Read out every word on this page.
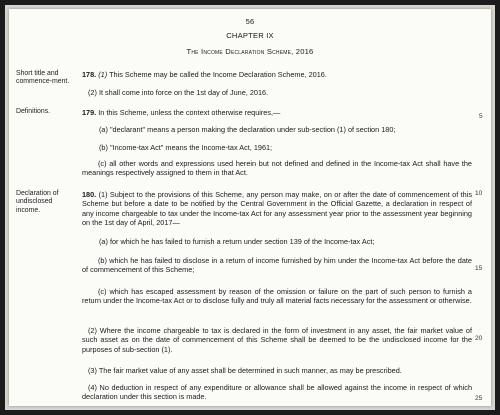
56
CHAPTER IX
The Income Declaration Scheme, 2016
Short title and commence-ment.
Definitions.
Declaration of undisclosed income.
5
10
15
20
25
178. (1) This Scheme may be called the Income Declaration Scheme, 2016.
(2) It shall come into force on the 1st day of June, 2016.
179. In this Scheme, unless the context otherwise requires,—
(a) "declarant" means a person making the declaration under sub-section (1) of section 180;
(b) "Income-tax Act" means the Income-tax Act, 1961;

(c) all other words and expressions used herein but not defined and defined in the Income-tax Act shall have the meanings respectively assigned to them in that Act.

180. (1) Subject to the provisions of this Scheme, any person may make, on or after the date of commencement of this Scheme but before a date to be notified by the Central Government in the Official Gazette, a declaration in respect of any income chargeable to tax under the Income-tax Act for any assessment year prior to the assessment year beginning on the 1st day of April, 2017—

(a) for which he has failed to furnish a return under section 139 of the Income-tax Act;

(b) which he has failed to disclose in a return of income furnished by him under the Income-tax Act before the date of commencement of this Scheme;

(c) which has escaped assessment by reason of the omission or failure on the part of such person to furnish a return under the Income-tax Act or to disclose fully and truly all material facts necessary for the assessment or otherwise.

(2) Where the income chargeable to tax is declared in the form of investment in any asset, the fair market value of such asset as on the date of commencement of this Scheme shall be deemed to be the undisclosed income for the purposes of sub-section (1).

(3) The fair market value of any asset shall be determined in such manner, as may be prescribed.

(4) No deduction in respect of any expenditure or allowance shall be allowed against the income in respect of which declaration under this section is made.
